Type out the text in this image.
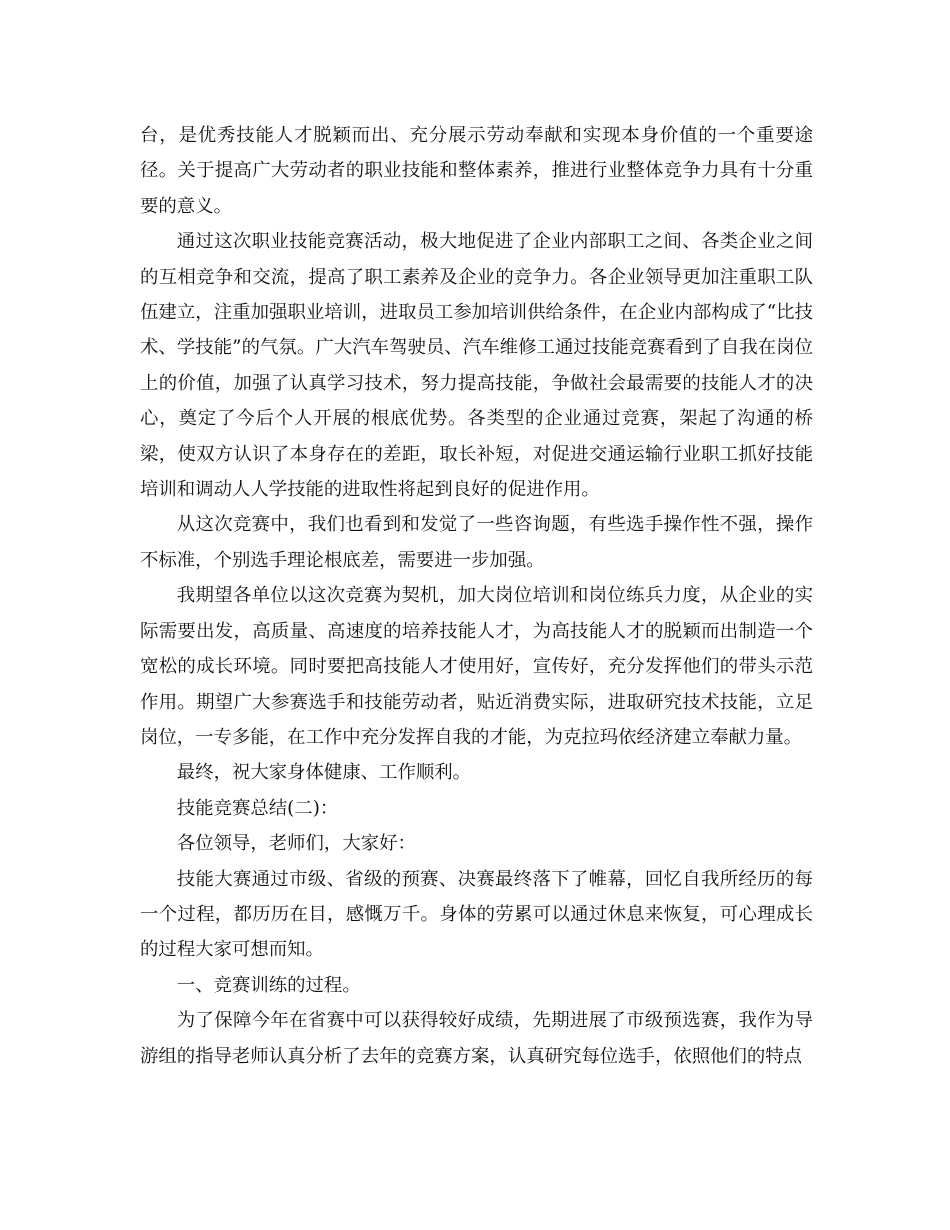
台，是优秀技能人才脱颖而出、充分展示劳动奉献和实现本身价值的一个重要途径。关于提高广大劳动者的职业技能和整体素养，推进行业整体竞争力具有十分重要的意义。

通过这次职业技能竞赛活动，极大地促进了企业内部职工之间、各类企业之间的互相竞争和交流，提高了职工素养及企业的竞争力。各企业领导更加注重职工队伍建立，注重加强职业培训，进取员工参加培训供给条件，在企业内部构成了“比技术、学技能”的气氛。广大汽车驾驶员、汽车维修工通过技能竞赛看到了自我在岗位上的价值，加强了认真学习技术，努力提高技能，争做社会最需要的技能人才的决心，奠定了今后个人开展的根底优势。各类型的企业通过竞赛，架起了沟通的桥梁，使双方认识了本身存在的差距，取长补短，对促进交通运输行业职工抓好技能培训和调动人人学技能的进取性将起到良好的促进作用。

从这次竞赛中，我们也看到和发觉了一些咨询题，有些选手操作性不强，操作不标准，个别选手理论根底差，需要进一步加强。

我期望各单位以这次竞赛为契机，加大岗位培训和岗位练兵力度，从企业的实际需要出发，高质量、高速度的培养技能人才，为高技能人才的脱颖而出制造一个宽松的成长环境。同时要把高技能人才使用好，宣传好，充分发挥他们的带头示范作用。期望广大参赛选手和技能劳动者，贴近消费实际，进取研究技术技能，立足岗位，一专多能，在工作中充分发挥自我的才能，为克拉玛依经济建立奉献力量。

最终，祝大家身体健康、工作顺利。

技能竞赛总结(二)：

各位领导，老师们，大家好：

技能大赛通过市级、省级的预赛、决赛最终落下了帷幕，回忆自我所经历的每一个过程，都历历在目，感慨万千。身体的劳累可以通过休息来恢复，可心理成长的过程大家可想而知。

一、竞赛训练的过程。

为了保障今年在省赛中可以获得较好成绩，先期进展了市级预选赛，我作为导游组的指导老师认真分析了去年的竞赛方案，认真研究每位选手，依照他们的特点
